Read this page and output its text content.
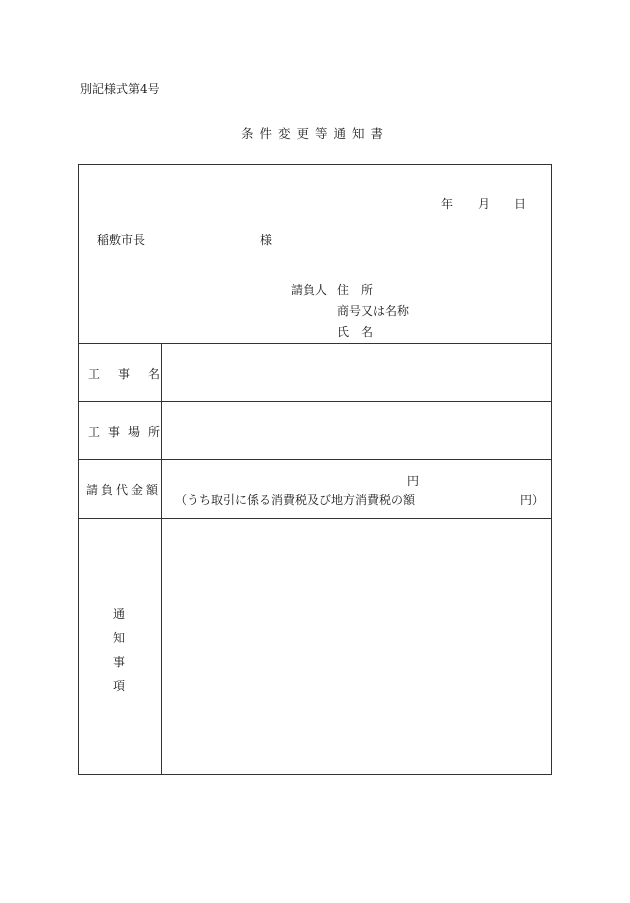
別記様式第4号
条件変更等通知書
年 月 日
稲敷市長	様
請負人 住　所
商号又は名称
氏　名
工事名
工事場所
請負代金額
円
（うち取引に係る消費税及び地方消費税の額	円）
通
知
事
項
